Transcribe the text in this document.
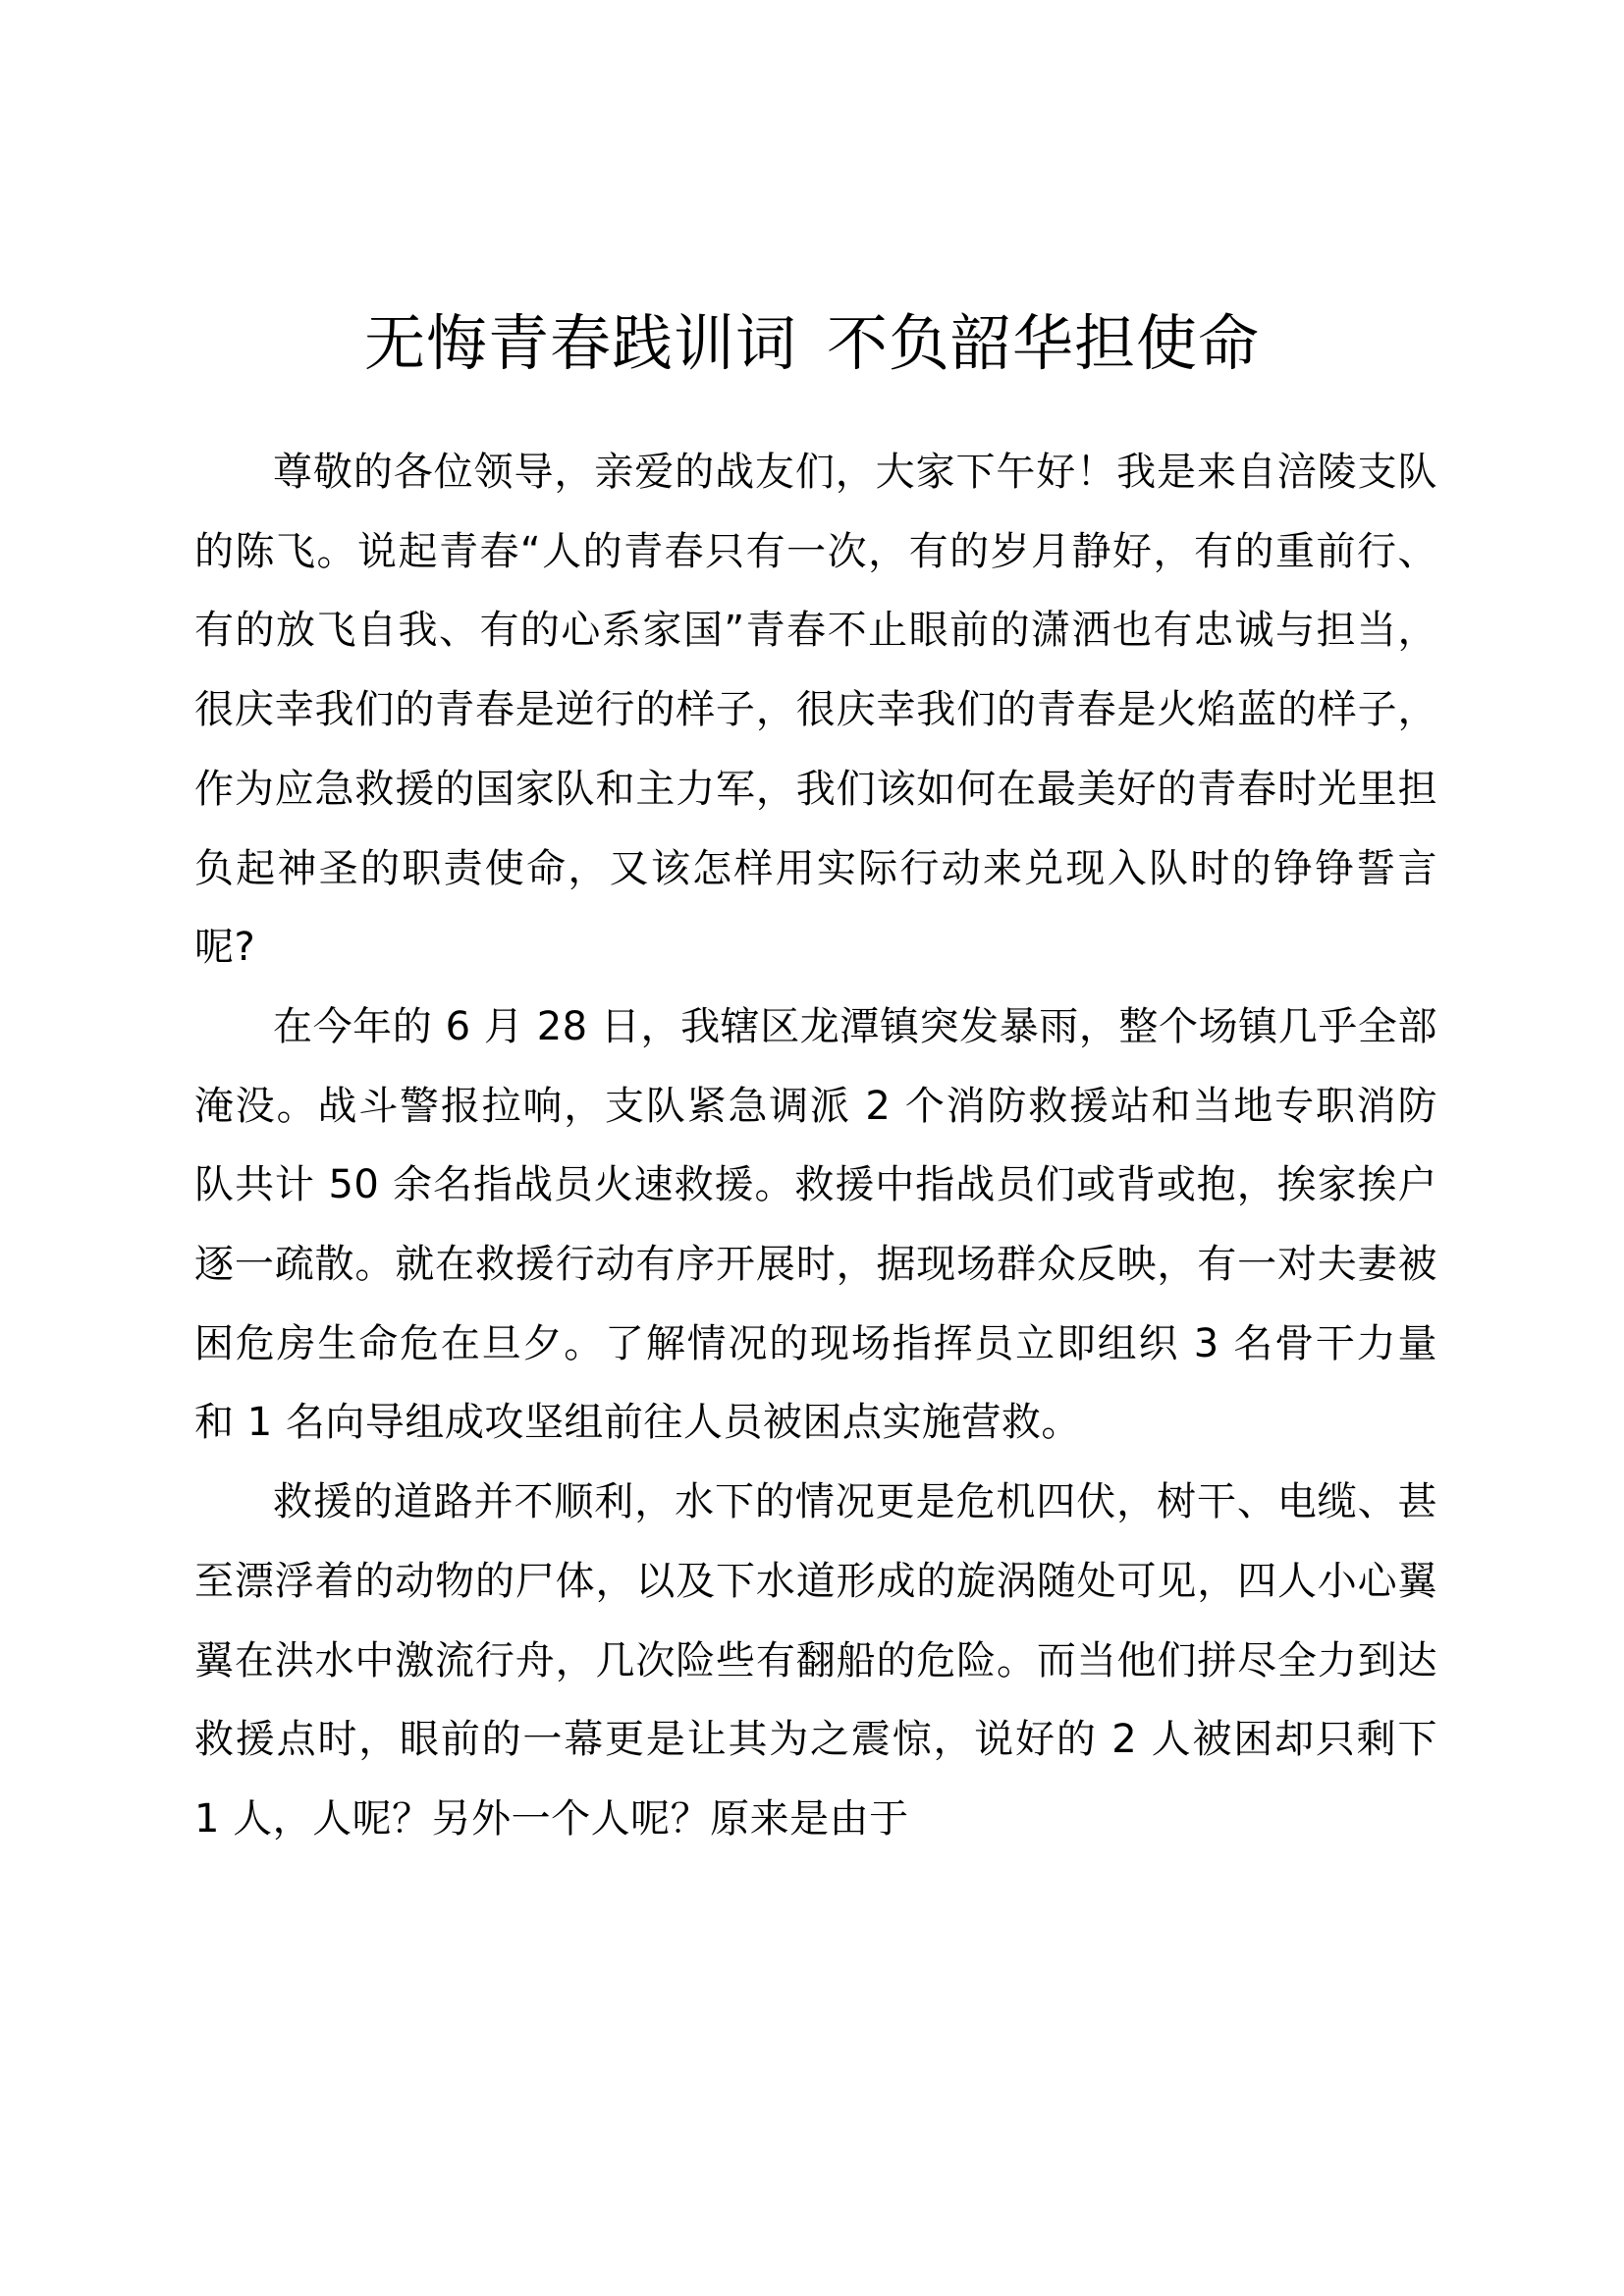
无悔青春践训词 不负韶华担使命

尊敬的各位领导，亲爱的战友们，大家下午好！我是来自涪陵支队的陈飞。说起青春“人的青春只有一次，有的岁月静好，有的重前行、有的放飞自我、有的心系家国”青春不止眼前的潇洒也有忠诚与担当，很庆幸我们的青春是逆行的样子，很庆幸我们的青春是火焰蓝的样子，作为应急救援的国家队和主力军，我们该如何在最美好的青春时光里担负起神圣的职责使命，又该怎样用实际行动来兑现入队时的铮铮誓言呢?

在今年的 6 月 28 日，我辖区龙潭镇突发暴雨，整个场镇几乎全部淹没。战斗警报拉响，支队紧急调派 2 个消防救援站和当地专职消防队共计 50 余名指战员火速救援。救援中指战员们或背或抱，挨家挨户逐一疏散。就在救援行动有序开展时，据现场群众反映，有一对夫妻被困危房生命危在旦夕。了解情况的现场指挥员立即组织 3 名骨干力量和 1 名向导组成攻坚组前往人员被困点实施营救。

救援的道路并不顺利，水下的情况更是危机四伏，树干、电缆、甚至漂浮着的动物的尸体，以及下水道形成的旋涡随处可见，四人小心翼翼在洪水中激流行舟，几次险些有翻船的危险。而当他们拼尽全力到达救援点时，眼前的一幕更是让其为之震惊，说好的 2 人被困却只剩下 1 人，人呢？另外一个人呢？原来是由于
